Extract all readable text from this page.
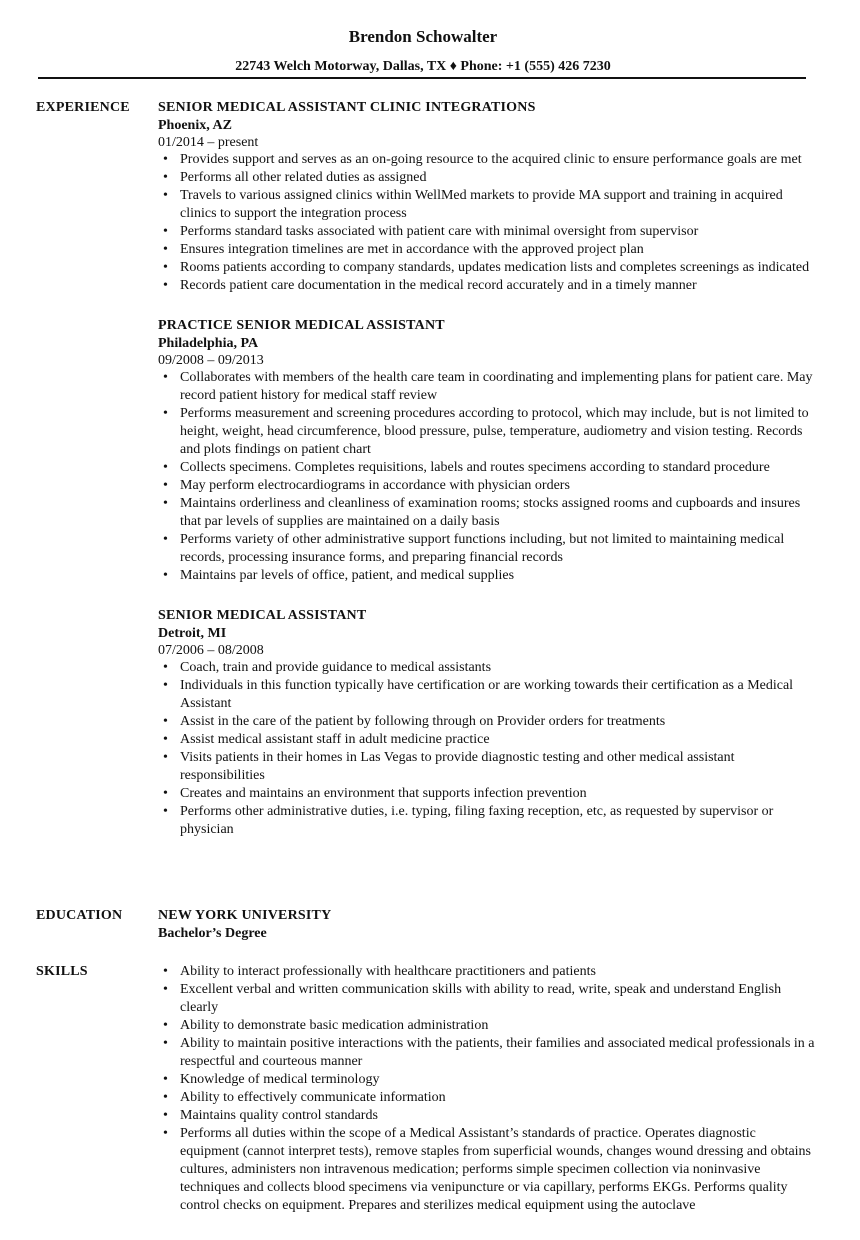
Brendon Schowalter
22743 Welch Motorway, Dallas, TX ♦ Phone: +1 (555) 426 7230
EXPERIENCE SENIOR MEDICAL ASSISTANT CLINIC INTEGRATIONS
Phoenix, AZ
01/2014 – present
• Provides support and serves as an on-going resource to the acquired clinic to ensure performance goals are met
• Performs all other related duties as assigned
• Travels to various assigned clinics within WellMed markets to provide MA support and training in acquired clinics to support the integration process
• Performs standard tasks associated with patient care with minimal oversight from supervisor
• Ensures integration timelines are met in accordance with the approved project plan
• Rooms patients according to company standards, updates medication lists and completes screenings as indicated
• Records patient care documentation in the medical record accurately and in a timely manner
PRACTICE SENIOR MEDICAL ASSISTANT
Philadelphia, PA
09/2008 – 09/2013
• Collaborates with members of the health care team in coordinating and implementing plans for patient care. May record patient history for medical staff review
• Performs measurement and screening procedures according to protocol, which may include, but is not limited to height, weight, head circumference, blood pressure, pulse, temperature, audiometry and vision testing. Records and plots findings on patient chart
• Collects specimens. Completes requisitions, labels and routes specimens according to standard procedure
• May perform electrocardiograms in accordance with physician orders
• Maintains orderliness and cleanliness of examination rooms; stocks assigned rooms and cupboards and insures that par levels of supplies are maintained on a daily basis
• Performs variety of other administrative support functions including, but not limited to maintaining medical records, processing insurance forms, and preparing financial records
• Maintains par levels of office, patient, and medical supplies
SENIOR MEDICAL ASSISTANT
Detroit, MI
07/2006 – 08/2008
• Coach, train and provide guidance to medical assistants
• Individuals in this function typically have certification or are working towards their certification as a Medical Assistant
• Assist in the care of the patient by following through on Provider orders for treatments
• Assist medical assistant staff in adult medicine practice
• Visits patients in their homes in Las Vegas to provide diagnostic testing and other medical assistant responsibilities
• Creates and maintains an environment that supports infection prevention
• Performs other administrative duties, i.e. typing, filing faxing reception, etc, as requested by supervisor or physician
EDUCATION	NEW YORK UNIVERSITY
Bachelor’s Degree
SKILLS
•	Ability to interact professionally with healthcare practitioners and patients
• Excellent verbal and written communication skills with ability to read, write, speak and understand English clearly
• Ability to demonstrate basic medication administration
• Ability to maintain positive interactions with the patients, their families and associated medical professionals in a respectful and courteous manner
• Knowledge of medical terminology
• Ability to effectively communicate information
• Maintains quality control standards
• Performs all duties within the scope of a Medical Assistant’s standards of practice. Operates diagnostic equipment (cannot interpret tests), remove staples from superficial wounds, changes wound dressing and obtains cultures, administers non intravenous medication; performs simple specimen collection via noninvasive techniques and collects blood specimens via venipuncture or via capillary, performs EKGs. Performs quality control checks on equipment. Prepares and sterilizes medical equipment using the autoclave
